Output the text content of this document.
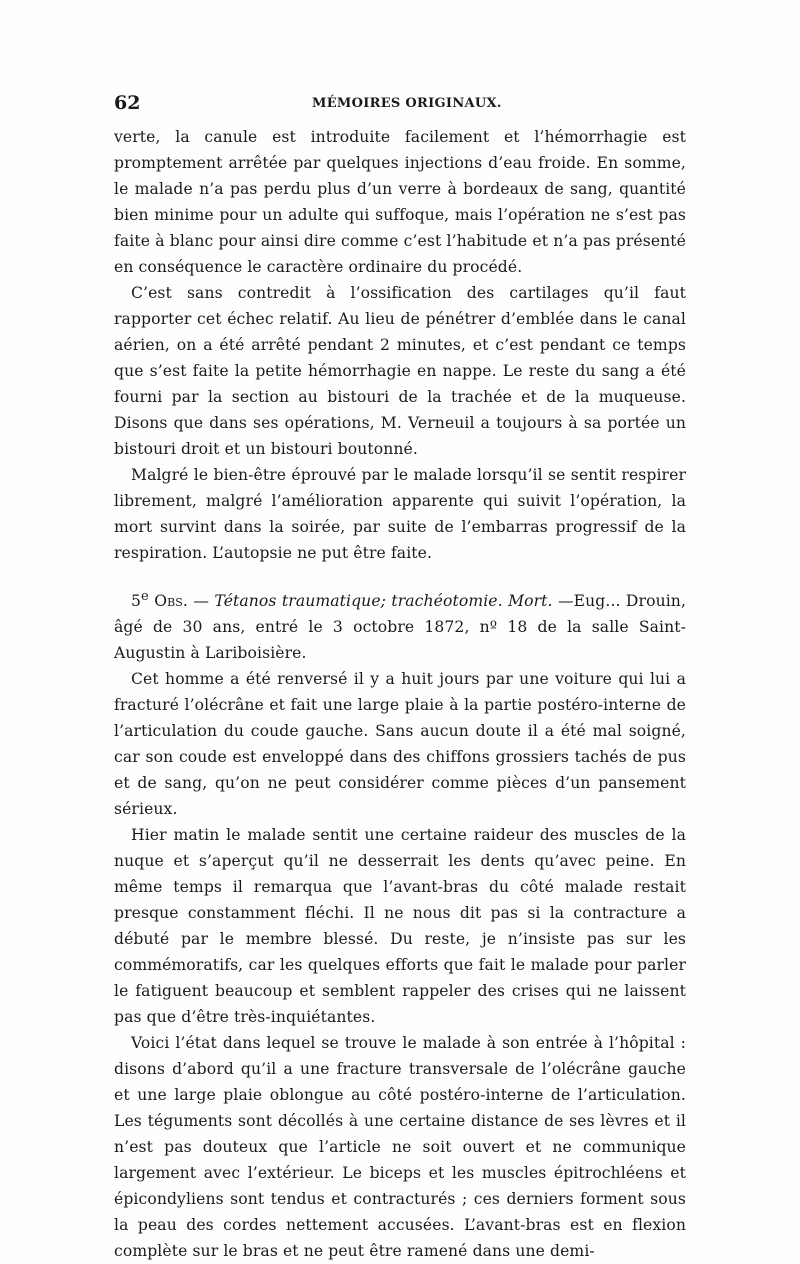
62	MÉMOIRES ORIGINAUX.

verte, la canule est introduite facilement et l’hémorrhagie est promptement arrêtée par quelques injections d’eau froide. En somme, le malade n’a pas perdu plus d’un verre à bordeaux de sang, quantité bien minime pour un adulte qui suffoque, mais l’opération ne s’est pas faite à blanc pour ainsi dire comme c’est l’habitude et n’a pas présenté en conséquence le caractère ordinaire du procédé.

C’est sans contredit à l’ossification des cartilages qu’il faut rapporter cet échec relatif. Au lieu de pénétrer d’emblée dans le canal aérien, on a été arrêté pendant 2 minutes, et c’est pendant ce temps que s’est faite la petite hémorrhagie en nappe. Le reste du sang a été fourni par la section au bistouri de la trachée et de la muqueuse. Disons que dans ses opérations, M. Verneuil a toujours à sa portée un bistouri droit et un bistouri boutonné.

Malgré le bien-être éprouvé par le malade lorsqu’il se sentit respirer librement, malgré l’amélioration apparente qui suivit l’opération, la mort survint dans la soirée, par suite de l’embarras progressif de la respiration. L’autopsie ne put être faite.

5e Obs. — Tétanos traumatique; trachéotomie. Mort. —Eug... Drouin, âgé de 30 ans, entré le 3 octobre 1872, nº 18 de la salle Saint-Augustin à Lariboisière.

Cet homme a été renversé il y a huit jours par une voiture qui lui a fracturé l’olécrâne et fait une large plaie à la partie postéro-interne de l’articulation du coude gauche. Sans aucun doute il a été mal soigné, car son coude est enveloppé dans des chiffons grossiers tachés de pus et de sang, qu’on ne peut considérer comme pièces d’un pansement sérieux.

Hier matin le malade sentit une certaine raideur des muscles de la nuque et s’aperçut qu’il ne desserrait les dents qu’avec peine. En même temps il remarqua que l’avant-bras du côté malade restait presque constamment fléchi. Il ne nous dit pas si la contracture a débuté par le membre blessé. Du reste, je n’insiste pas sur les commémoratifs, car les quelques efforts que fait le malade pour parler le fatiguent beaucoup et semblent rappeler des crises qui ne laissent pas que d’être très-inquiétantes.

Voici l’état dans lequel se trouve le malade à son entrée à l’hôpital : disons d’abord qu’il a une fracture transversale de l’olécrâne gauche et une large plaie oblongue au côté postéro-interne de l’articulation. Les téguments sont décollés à une certaine distance de ses lèvres et il n’est pas douteux que l’article ne soit ouvert et ne communique largement avec l’extérieur. Le biceps et les muscles épitrochléens et épicondyliens sont tendus et contracturés ; ces derniers forment sous la peau des cordes nettement accusées. L’avant-bras est en flexion complète sur le bras et ne peut être ramené dans une demi-
